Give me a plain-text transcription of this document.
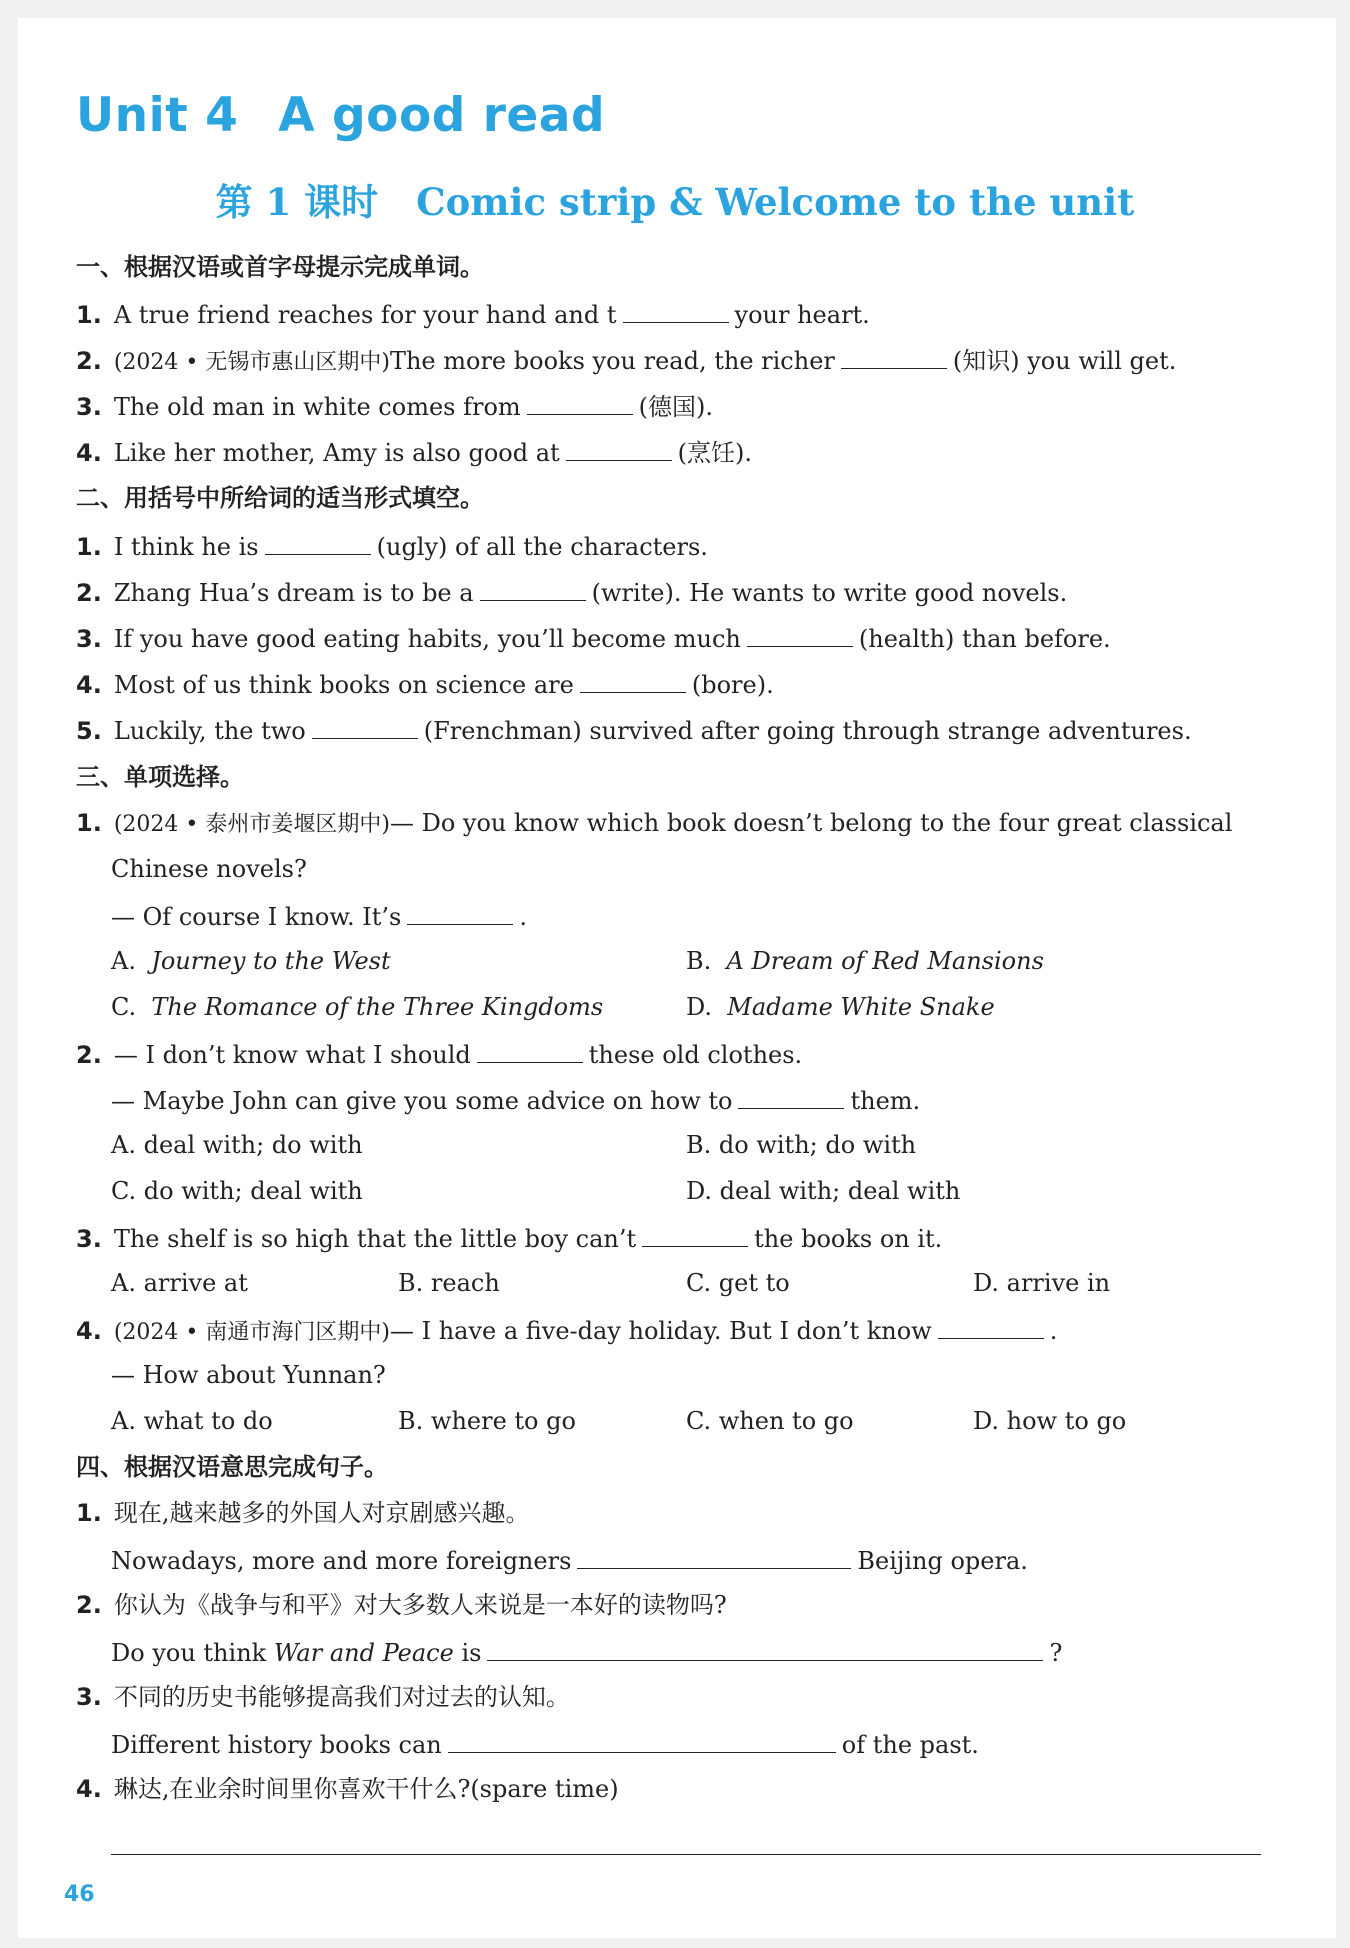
Unit 4 A good read
第 1 课时 Comic strip & Welcome to the unit
一、根据汉语或首字母提示完成单词。
1. A true friend reaches for your hand and t	your heart.
2. (2024 • 无锡市惠山区期中)The more books you read, the richer	(知识) you will get.
3. The old man in white comes from	(德国).
4. Like her mother, Amy is also good at	(烹饪).
二、用括号中所给词的适当形式填空。
1. I think he is	(ugly) of all the characters.
2. Zhang Hua’s dream is to be a	(write). He wants to write good novels.
3. If you have good eating habits, you’ll become much	(health) than before.
4. Most of us think books on science are	(bore).
5. Luckily, the two	(Frenchman) survived after going through strange adventures.
三、单项选择。
1. (2024 • 泰州市姜堰区期中)— Do you know which book doesn’t belong to the four great classical
Chinese novels?
— Of course I know. It’s	.
A. Journey to the West	B. A Dream of Red Mansions
C. The Romance of the Three Kingdoms	D. Madame White Snake
2. — I don’t know what I should	these old clothes.
— Maybe John can give you some advice on how to	them.
A. deal with; do with	B. do with; do with
C. do with; deal with	D. deal with; deal with
3. The shelf is so high that the little boy can’t	the books on it.
A. arrive at	B. reach	C. get to	D. arrive in
4. (2024 • 南通市海门区期中)— I have a five-day holiday. But I don’t know	.
— How about Yunnan?
A. what to do	B. where to go	C. when to go	D. how to go
四、根据汉语意思完成句子。
1. 现在,越来越多的外国人对京剧感兴趣。
Nowadays, more and more foreigners	Beijing opera.
2. 你认为《战争与和平》对大多数人来说是一本好的读物吗?
Do you think War and Peace is	?
3. 不同的历史书能够提高我们对过去的认知。
Different history books can	of the past.
4. 琳达,在业余时间里你喜欢干什么?(spare time)
46
